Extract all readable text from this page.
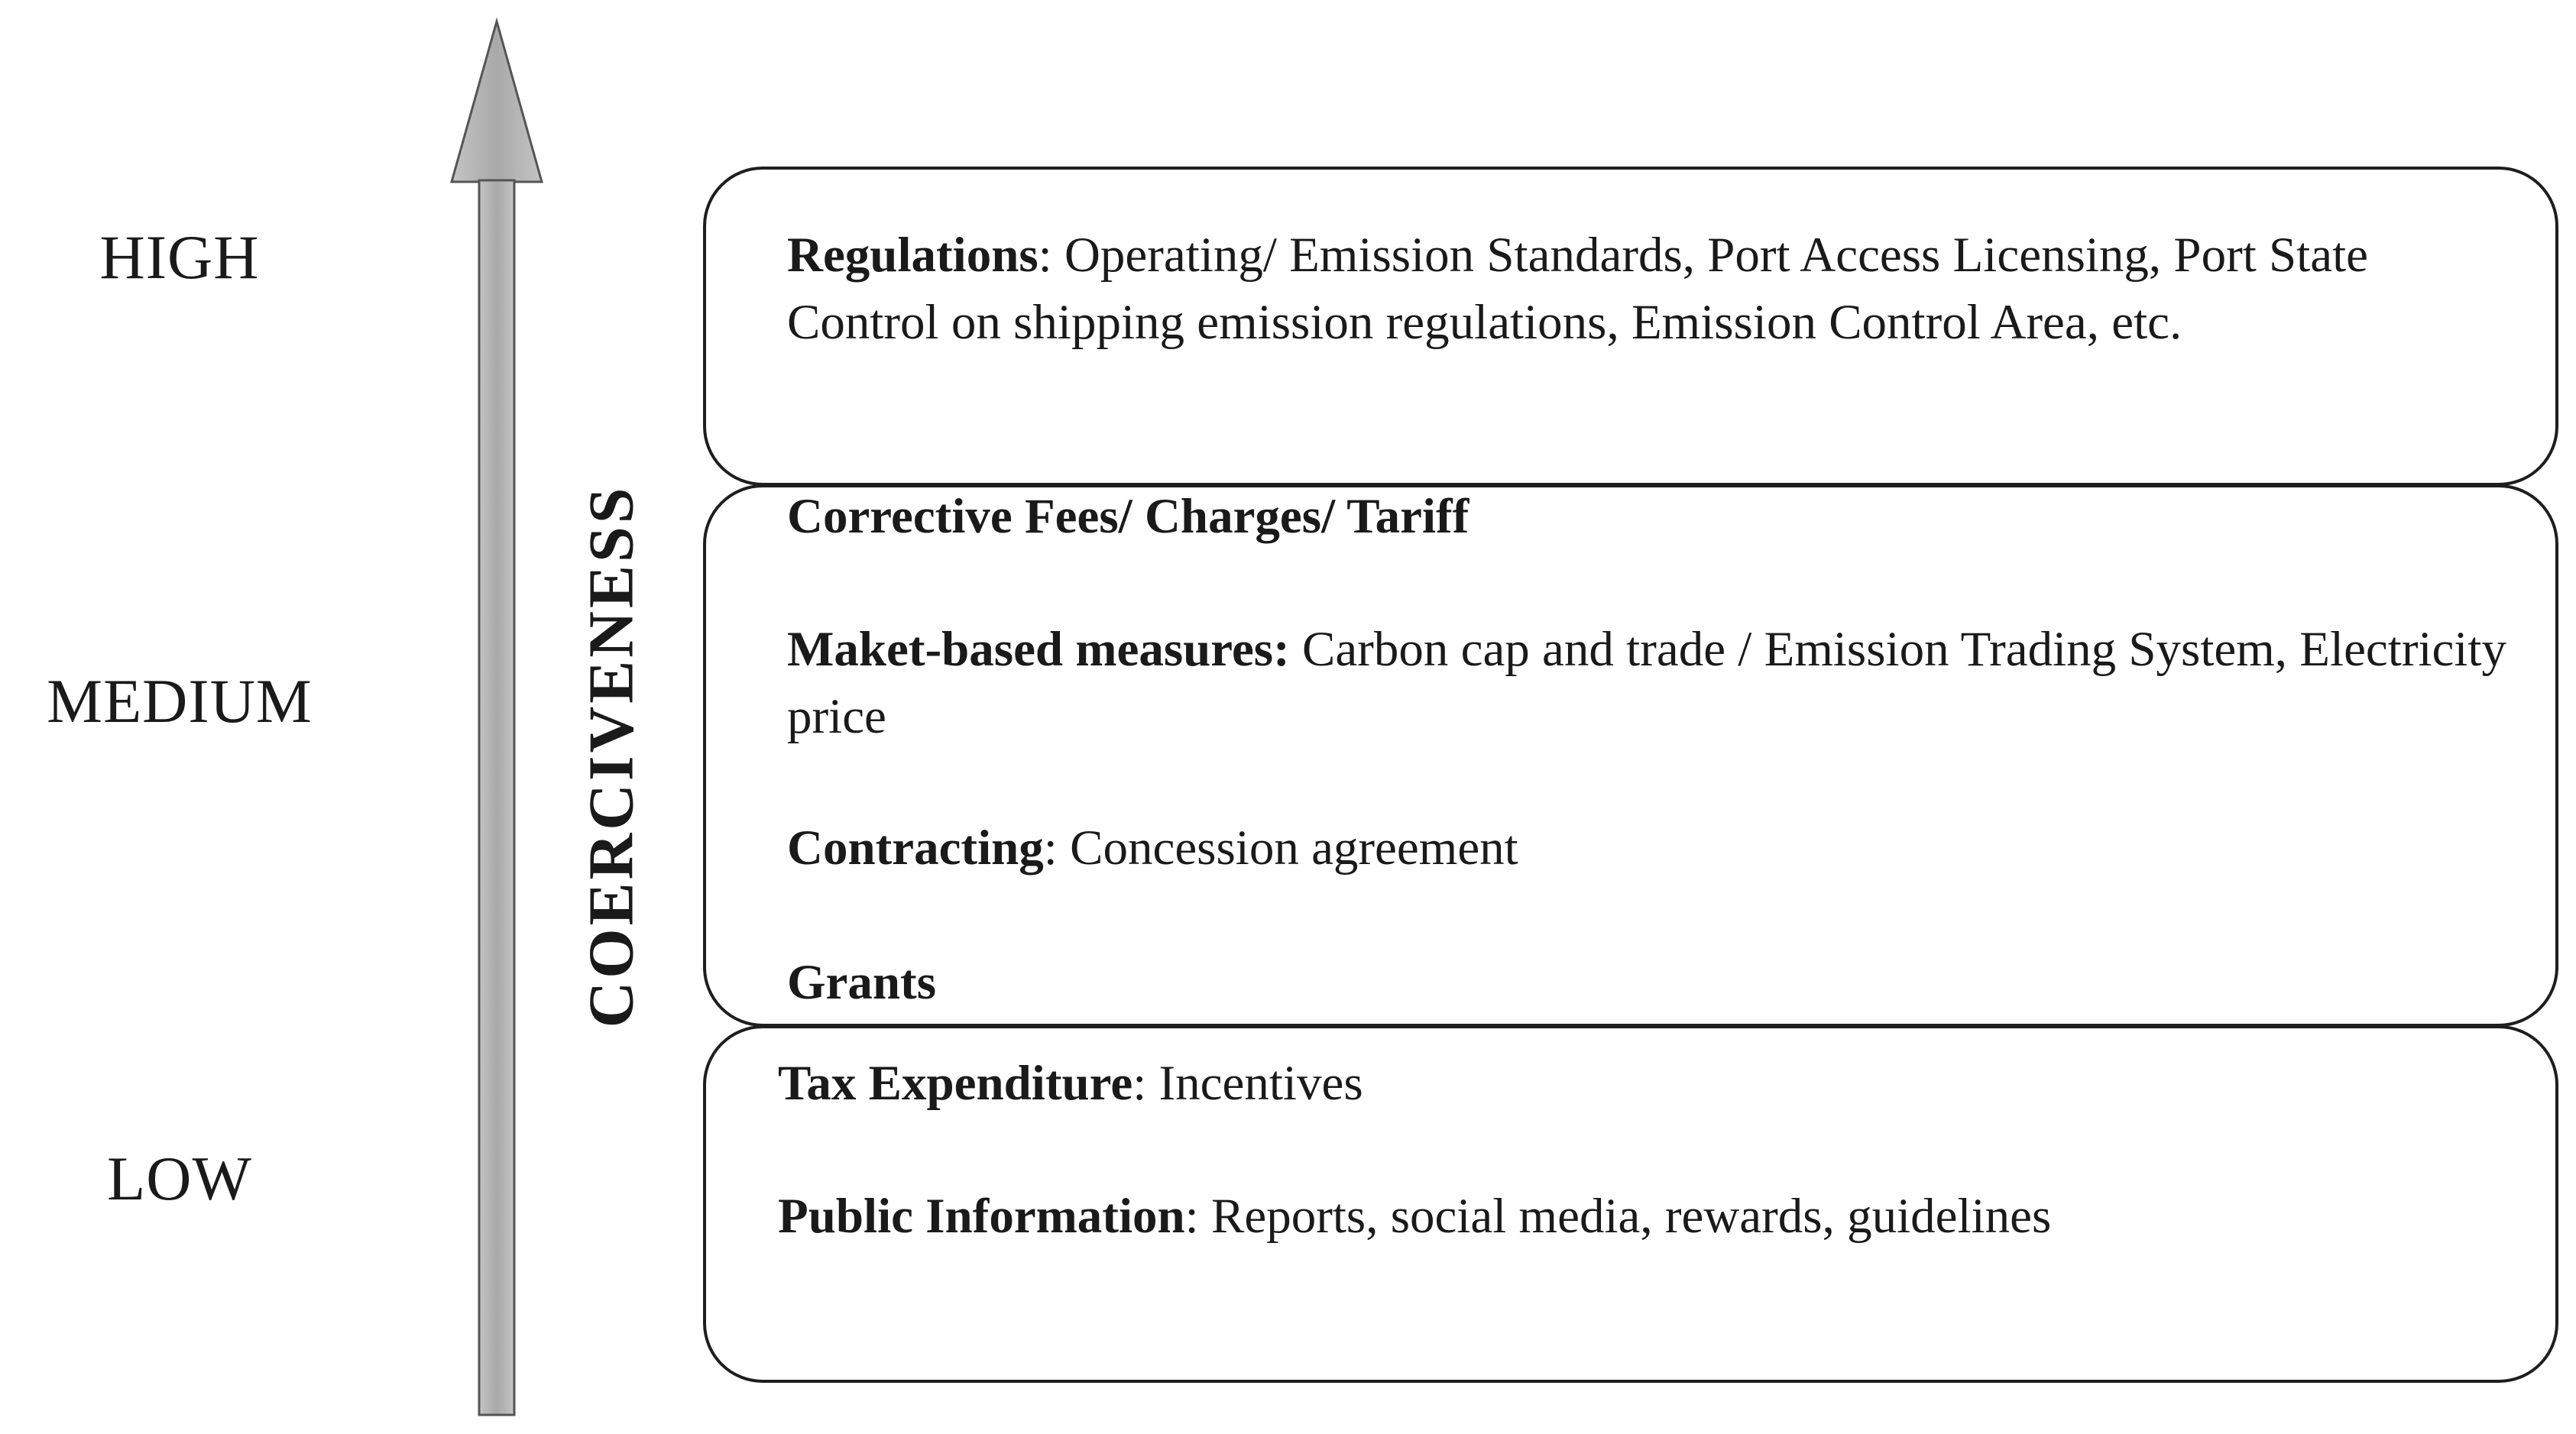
HIGH
MEDIUM
LOW
COERCIVENESS
Regulations: Operating/ Emission Standards, Port Access Licensing, Port State Control on shipping emission regulations, Emission Control Area, etc.
Corrective Fees/ Charges/ Tariff
Maket-based measures: Carbon cap and trade / Emission Trading System, Electricity price
Contracting: Concession agreement
Grants
Tax Expenditure: Incentives
Public Information: Reports, social media, rewards, guidelines
